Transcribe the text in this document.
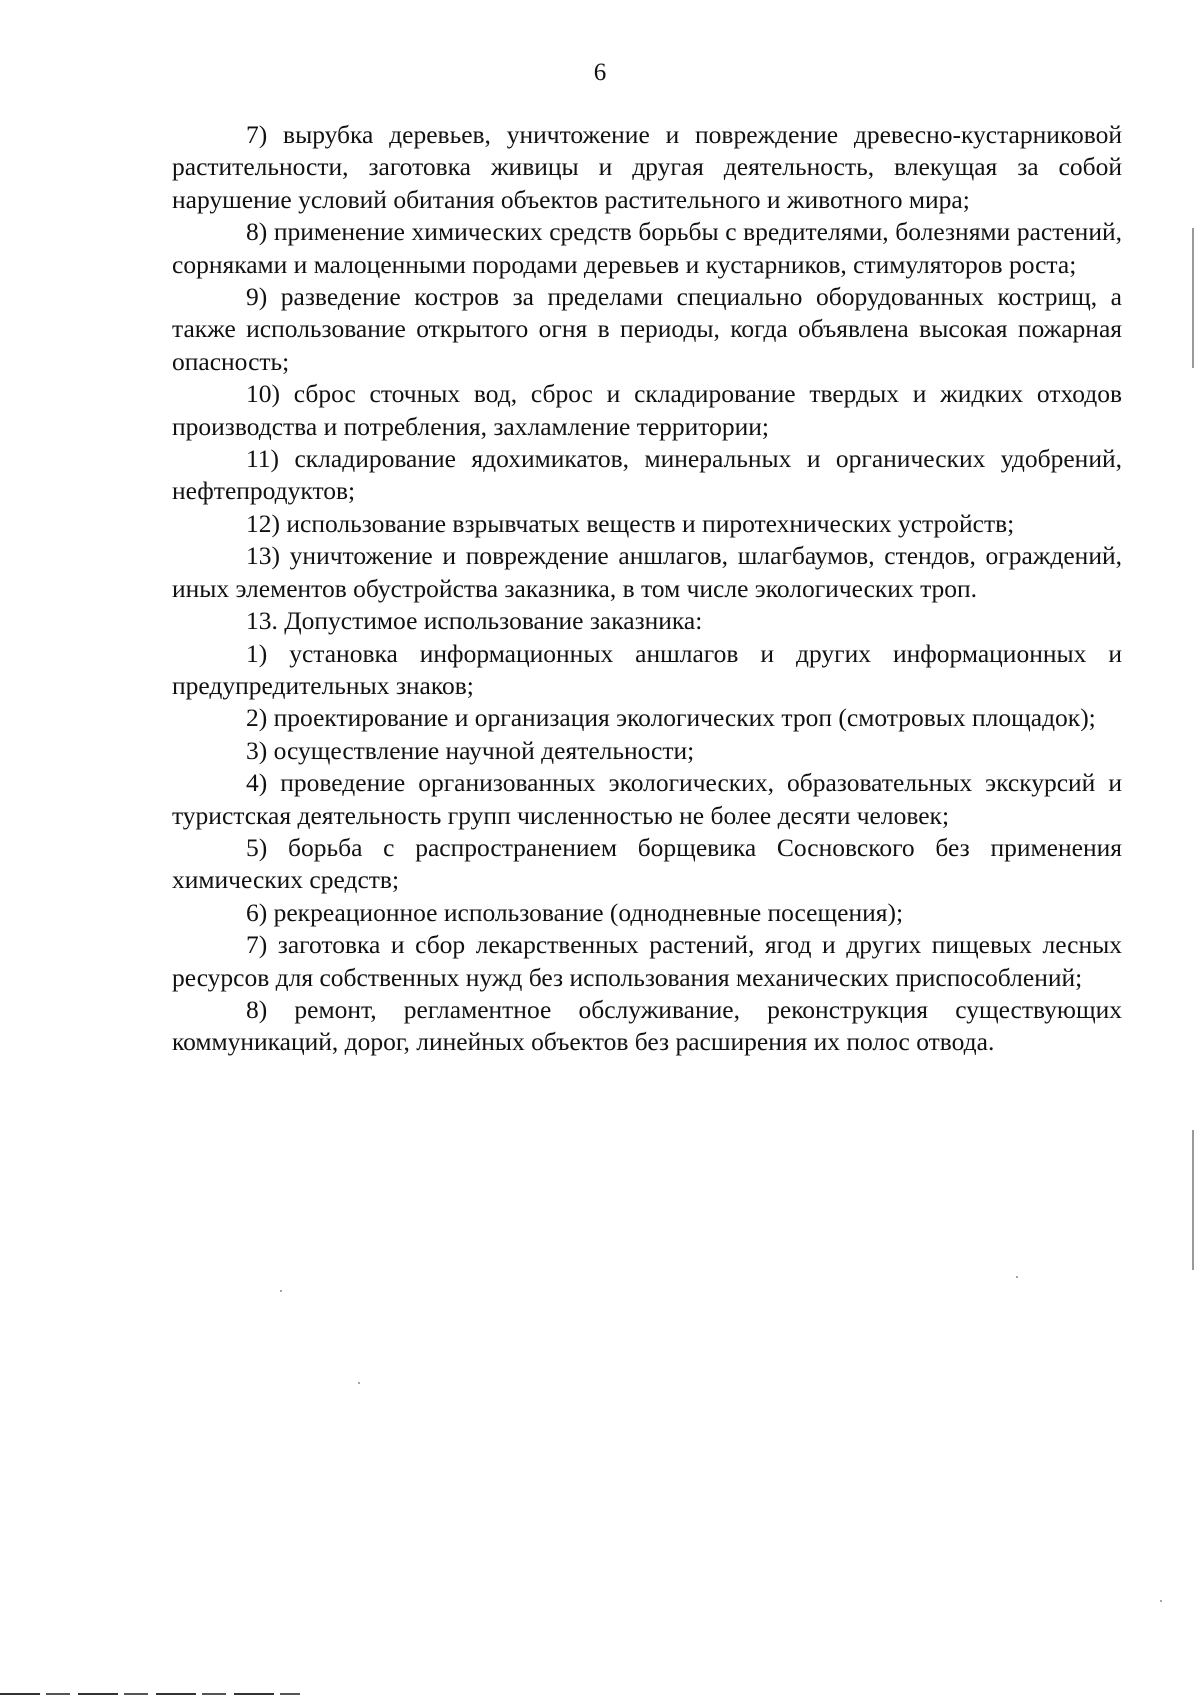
6

7) вырубка деревьев, уничтожение и повреждение древесно-кустарниковой растительности, заготовка живицы и другая деятельность, влекущая за собой нарушение условий обитания объектов растительного и животного мира;

8) применение химических средств борьбы с вредителями, болезнями растений, сорняками и малоценными породами деревьев и кустарников, стимуляторов роста;

9) разведение костров за пределами специально оборудованных кострищ, а также использование открытого огня в периоды, когда объявлена высокая пожарная опасность;

10) сброс сточных вод, сброс и складирование твердых и жидких отходов производства и потребления, захламление территории;

11) складирование ядохимикатов, минеральных и органических удобрений, нефтепродуктов;

12) использование взрывчатых веществ и пиротехнических устройств;

13) уничтожение и повреждение аншлагов, шлагбаумов, стендов, ограждений, иных элементов обустройства заказника, в том числе экологических троп.

13. Допустимое использование заказника:

1) установка информационных аншлагов и других информационных и предупредительных знаков;

2) проектирование и организация экологических троп (смотровых площадок);

3) осуществление научной деятельности;

4) проведение организованных экологических, образовательных экскурсий и туристская деятельность групп численностью не более десяти человек;

5) борьба с распространением борщевика Сосновского без применения химических средств;

6) рекреационное использование (однодневные посещения);

7) заготовка и сбор лекарственных растений, ягод и других пищевых лесных ресурсов для собственных нужд без использования механических приспособлений;

8) ремонт, регламентное обслуживание, реконструкция существующих коммуникаций, дорог, линейных объектов без расширения их полос отвода.
